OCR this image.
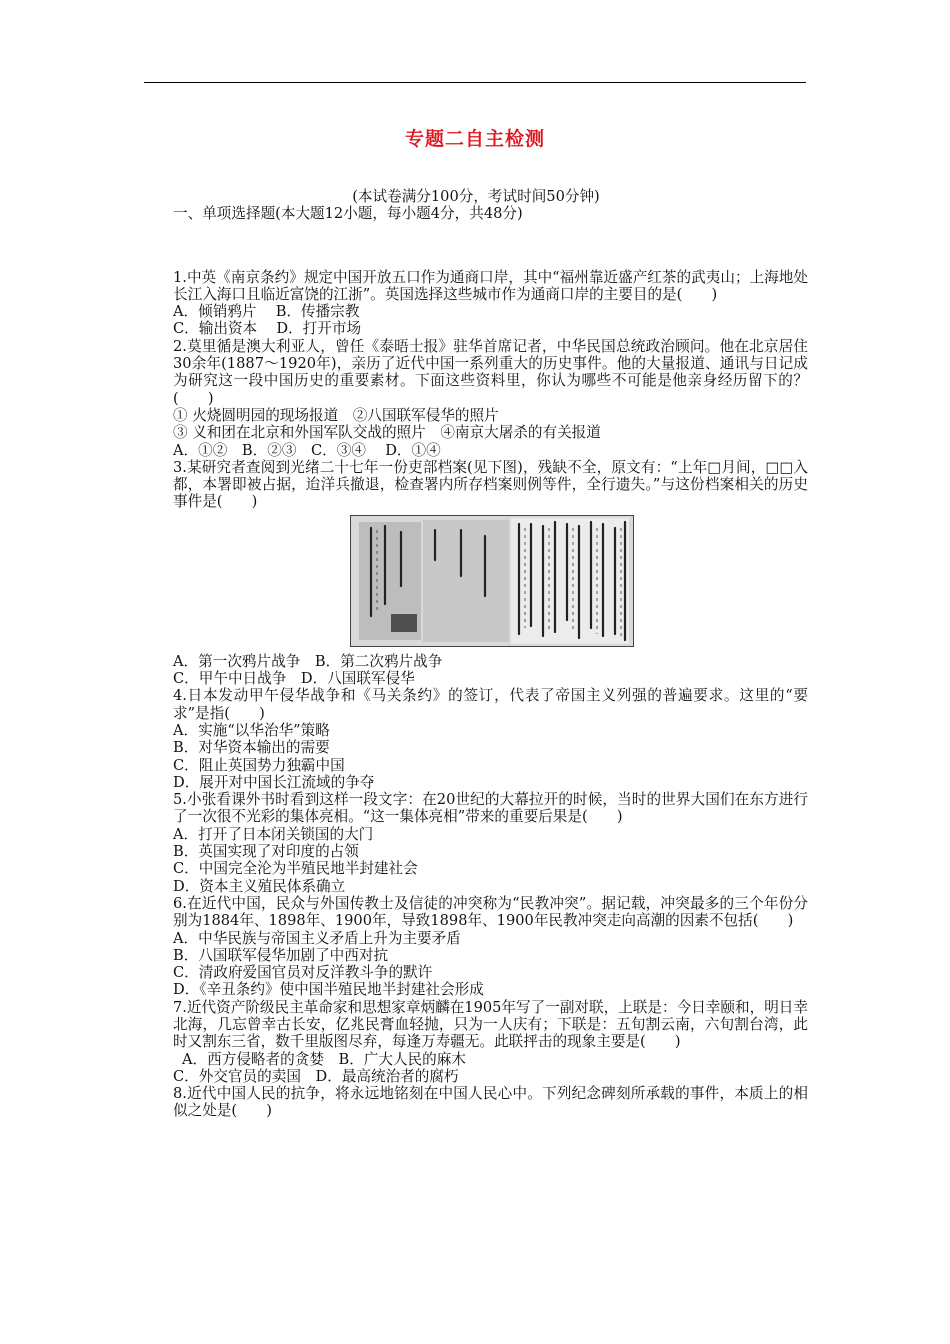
专题二自主检测

(本试卷满分100分，考试时间50分钟)

一、单项选择题(本大题12小题，每小题4分，共48分)

1.中英《南京条约》规定中国开放五口作为通商口岸，其中“福州靠近盛产红茶的武夷山；上海地处长江入海口且临近富饶的江浙”。英国选择这些城市作为通商口岸的主要目的是(　　)

A．倾销鸦片　 B．传播宗教

C．输出资本　 D．打开市场

2.莫里循是澳大利亚人，曾任《泰晤士报》驻华首席记者，中华民国总统政治顾问。他在北京居住30余年(1887～1920年)，亲历了近代中国一系列重大的历史事件。他的大量报道、通讯与日记成为研究这一段中国历史的重要素材。下面这些资料里，你认为哪些不可能是他亲身经历留下的？(　　)

① 火烧圆明园的现场报道　②八国联军侵华的照片

③ 义和团在北京和外国军队交战的照片　④南京大屠杀的有关报道

A．①②　B．②③　C．③④　 D．①④

3.某研究者查阅到光绪二十七年一份吏部档案(见下图)，残缺不全，原文有：“上年□月间，□□入都，本署即被占据，迨洋兵撤退，检查署内所存档案则例等件，全行遗失。”与这份档案相关的历史事件是(　　)

A．第一次鸦片战争　B．第二次鸦片战争

C．甲午中日战争　D．八国联军侵华

4.日本发动甲午侵华战争和《马关条约》的签订，代表了帝国主义列强的普遍要求。这里的“要求”是指(　　)

A．实施“以华治华”策略

B．对华资本输出的需要

C．阻止英国势力独霸中国

D．展开对中国长江流域的争夺

5.小张看课外书时看到这样一段文字：在20世纪的大幕拉开的时候，当时的世界大国们在东方进行了一次很不光彩的集体亮相。“这一集体亮相”带来的重要后果是(　　)

A．打开了日本闭关锁国的大门

B．英国实现了对印度的占领

C．中国完全沦为半殖民地半封建社会

D．资本主义殖民体系确立

6.在近代中国，民众与外国传教士及信徒的冲突称为“民教冲突”。据记载，冲突最多的三个年份分别为1884年、1898年、1900年，导致1898年、1900年民教冲突走向高潮的因素不包括(　　)

A．中华民族与帝国主义矛盾上升为主要矛盾

B．八国联军侵华加剧了中西对抗

C．清政府爱国官员对反洋教斗争的默许

D．《辛丑条约》使中国半殖民地半封建社会形成

7.近代资产阶级民主革命家和思想家章炳麟在1905年写了一副对联，上联是：今日幸颐和，明日幸北海，几忘曾幸古长安，亿兆民膏血轻抛，只为一人庆有；下联是：五旬割云南，六旬割台湾，此时又割东三省，数千里版图尽弃，每逢万寿疆无。此联抨击的现象主要是(　　)

A．西方侵略者的贪婪　B．广大人民的麻木

C．外交官员的卖国　D．最高统治者的腐朽

8.近代中国人民的抗争，将永远地铭刻在中国人民心中。下列纪念碑刻所承载的事件，本质上的相似之处是(　　)
